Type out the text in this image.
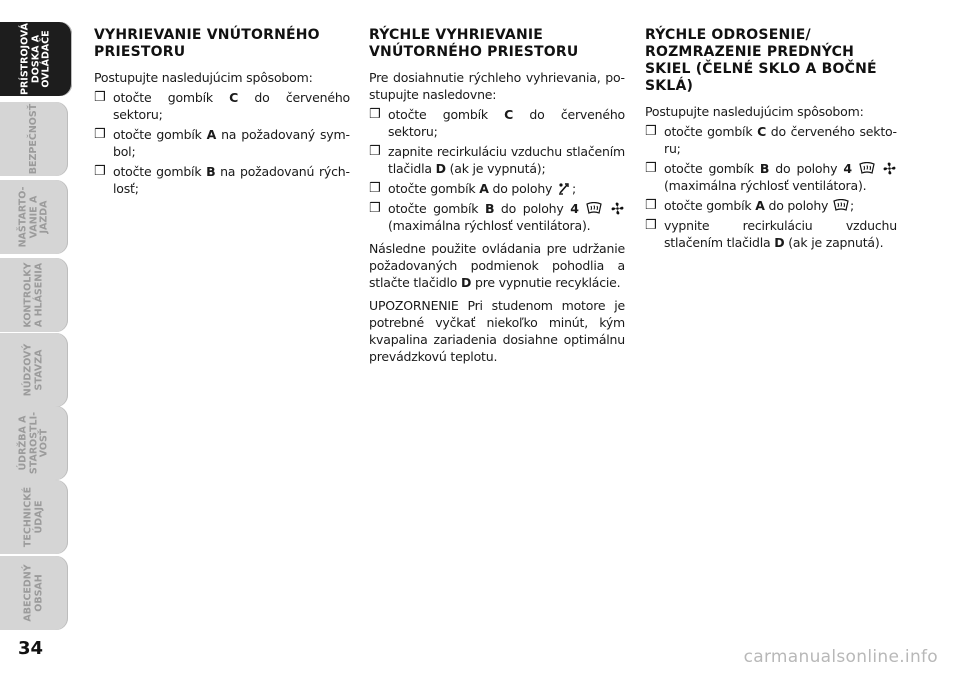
PRÍSTROJOVÁ
DOSKA A
OVLÁDAČE
BEZPEČNOSŤ
NAŠTARTO-
VANIE A
JAZDA
KONTROLKY
A HLÁSENIA
NÚDZOVÝ
STAVZA
ÚDRŽBA A
STAROSTLI-
VOSŤ
TECHNICKÉ
ÚDAJE
ABECEDNÝ
OBSAH
34
VYHRIEVANIE VNÚTORNÉHO PRIESTORU
Postupujte nasledujúcim spôsobom:
❒ otočte gombík C do červeného sektoru;
❒ otočte gombík A na požadovaný symbol;
❒ otočte gombík B na požadovanú rýchlosť;
RÝCHLE VYHRIEVANIE VNÚTORNÉHO PRIESTORU
Pre dosiahnutie rýchleho vyhrievania, postupujte nasledovne:
❒ otočte gombík C do červeného sektoru;
❒ zapnite recirkuláciu vzduchu stlačením tlačidla D (ak je vypnutá);
❒ otočte gombík A do polohy ;
❒ otočte gombík B do polohy 4   (maximálna rýchlosť ventilátora).
Následne použite ovládania pre udržanie požadovaných podmienok pohodlia a stlačte tlačidlo D pre vypnutie recyklácie.
UPOZORNENIE Pri studenom motore je potrebné vyčkať niekoľko minút, kým kvapalina zariadenia dosiahne optimálnu prevádzkovú teplotu.
RÝCHLE ODROSENIE/ ROZMRAZENIE PREDNÝCH SKIEL (ČELNÉ SKLO A BOČNÉ SKLÁ)
Postupujte nasledujúcim spôsobom:
❒ otočte gombík C do červeného sektoru;
❒ otočte gombík B do polohy 4   (maximálna rýchlosť ventilátora).
❒ otočte gombík A do polohy ;
❒ vypnite recirkuláciu vzduchu stlačením tlačidla D (ak je zapnutá).
carmanualsonline.info
